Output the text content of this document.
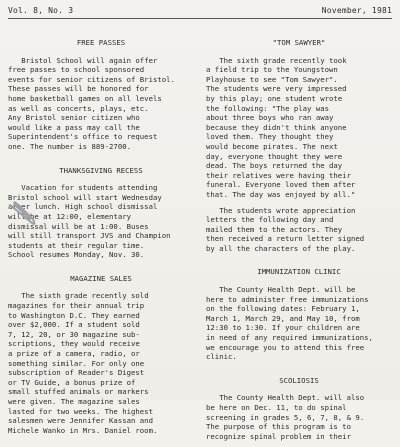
Vol. 8, No. 3	November, 1981
FREE PASSES
Bristol School will again offer
free passes to school sponsored
events for senior citizens of Bristol.
These passes will be honored for
home basketball games on all levels
as well as concerts, plays, etc.
Any Bristol senior citizen who
would like a pass may call the
Superintendent's office to request
one. The number is 889-2700.
THANKSGIVING RECESS
Vacation for students attending
Bristol school will start Wednesday
after lunch. High school dismissal
will be at 12:00, elementary
dismissal will be at 1:00. Buses
will still transport JVS and Champion
students at their regular time.
School resumes Monday, Nov. 30.
MAGAZINE SALES
The sixth grade recently sold
magazines for their annual trip
to Washington D.C. They earned
over $2,000. If a student sold
7, 12, 20, or 30 magazine sub-
scriptions, they would receive
a prize of a camera, radio, or
something similar. For only one
subscription of Reader's Digest
or TV Guide, a bonus prize of
small stuffed animals or markers
were given. The magazine sales
lasted for two weeks. The highest
salesmen were Jennifer Kassan and
Michele Wanko in Mrs. Daniel room.
"TOM SAWYER"
The sixth grade recently took
a field trip to the Youngstown
Playhouse to see "Tom Sawyer".
The students were very impressed
by this play; one student wrote
the following: "The play was
about three boys who ran away
because they didn't think anyone
loved them. They thought they
would become pirates. The next
day, everyone thought they were
dead. The boys returned the day
their relatives were having their
funeral. Everyone loved them after
that. The day was enjoyed by all."
The students wrote appreciation
letters the following day and
mailed them to the actors. They
then received a return letter signed
by all the characters of the play.
IMMUNIZATION CLINIC
The County Health Dept. will be
here to administer free immunizations
on the following dates: February 1,
March 1, March 29, and May 10, from
12:30 to 1:30. If your children are
in need of any required immunizations,
we encourage you to attend this free
clinic.
SCOLIOSIS
The County Health Dept. will also
be here on Dec. 11, to do spinal
screening in grades 5, 6, 7, 8, & 9.
The purpose of this program is to
recognize spinal problem in their
